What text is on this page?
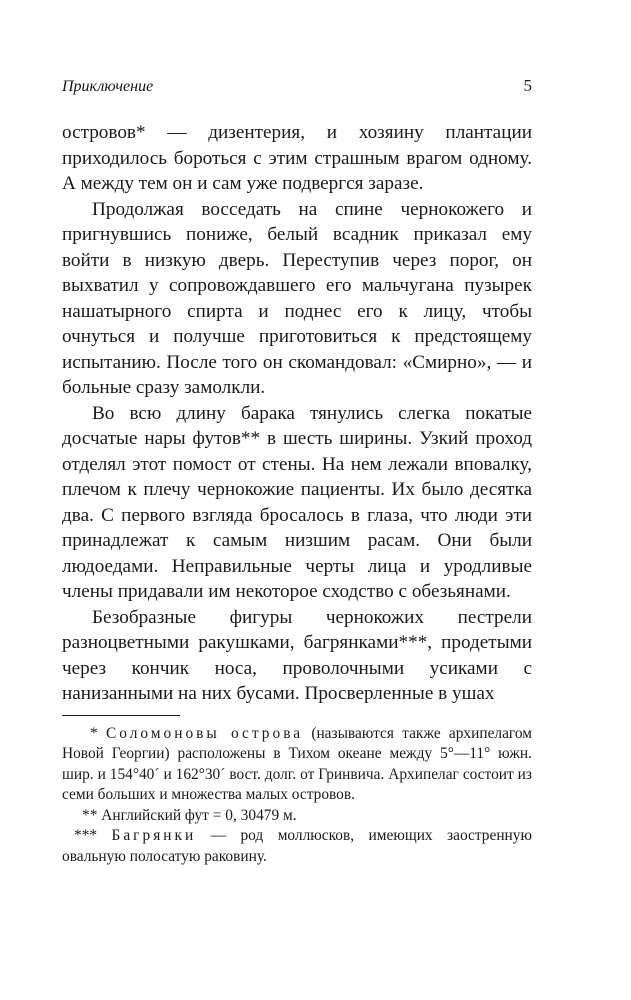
Приключение	5

островов* — дизентерия, и хозяину плантации приходилось бороться с этим страшным врагом одному. А между тем он и сам уже подвергся заразе.

Продолжая восседать на спине чернокожего и пригнувшись пониже, белый всадник приказал ему войти в низкую дверь. Переступив через порог, он выхватил у сопровождавшего его мальчугана пузырек нашатырного спирта и поднес его к лицу, чтобы очнуться и получше приготовиться к предстоящему испытанию. После того он скомандовал: «Смирно», — и больные сразу замолкли.

Во всю длину барака тянулись слегка покатые досчатые нары футов** в шесть ширины. Узкий проход отделял этот помост от стены. На нем лежали вповалку, плечом к плечу чернокожие пациенты. Их было десятка два. С первого взгляда бросалось в глаза, что люди эти принадлежат к самым низшим расам. Они были людоедами. Неправильные черты лица и уродливые члены придавали им некоторое сходство с обезьянами.

Безобразные фигуры чернокожих пестрели разноцветными ракушками, багрянками***, продетыми через кончик носа, проволочными усиками с нанизанными на них бусами. Просверленные в ушах

* Соломоновы острова (называются также архипелагом Новой Георгии) расположены в Тихом океане между 5°—11° южн. шир. и 154°40´ и 162°30´ вост. долг. от Гринвича. Архипелаг состоит из семи больших и множества малых островов.

** Английский фут = 0, 30479 м.

*** Багрянки — род моллюсков, имеющих заостренную овальную полосатую раковину.
